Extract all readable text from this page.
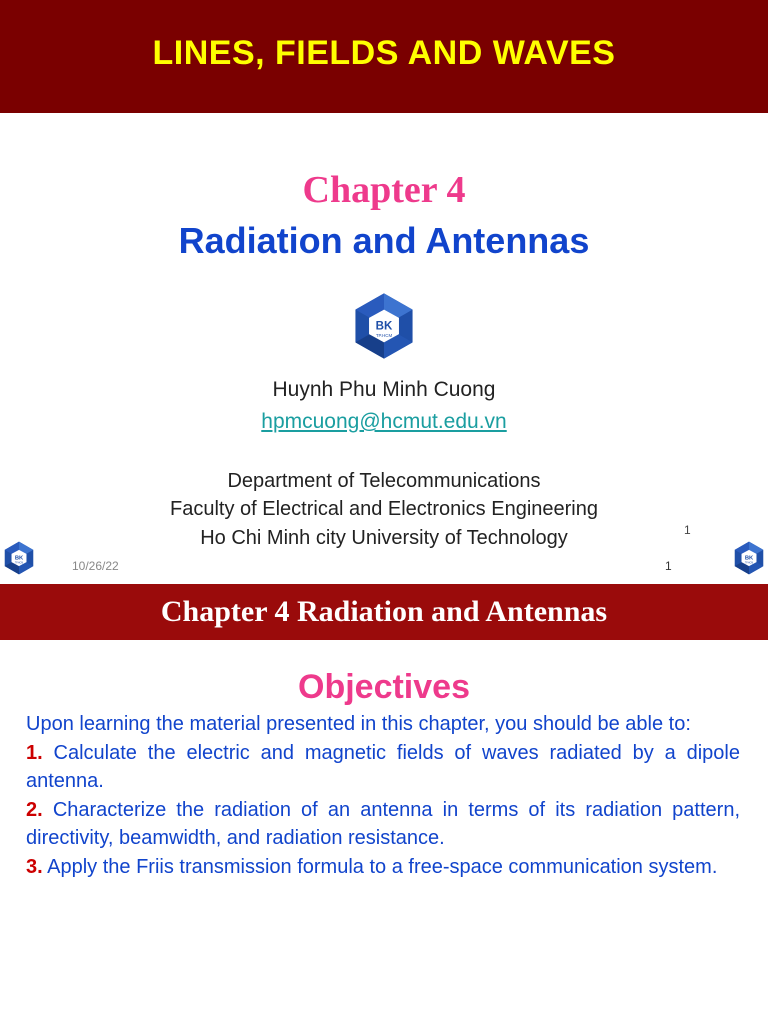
LINES, FIELDS AND WAVES
Chapter 4
Radiation and Antennas
Huynh Phu Minh Cuong
hpmcuong@hcmut.edu.vn
Department of Telecommunications
Faculty of Electrical and Electronics Engineering
Ho Chi Minh city University of Technology	1
10/26/22	1
Chapter 4 Radiation and Antennas
Objectives

Upon learning the material presented in this chapter, you should be able to:

1. Calculate the electric and magnetic fields of waves radiated by a dipole antenna.

2. Characterize the radiation of an antenna in terms of its radiation pattern, directivity, beamwidth, and radiation resistance.

3. Apply the Friis transmission formula to a free-space communication system.
